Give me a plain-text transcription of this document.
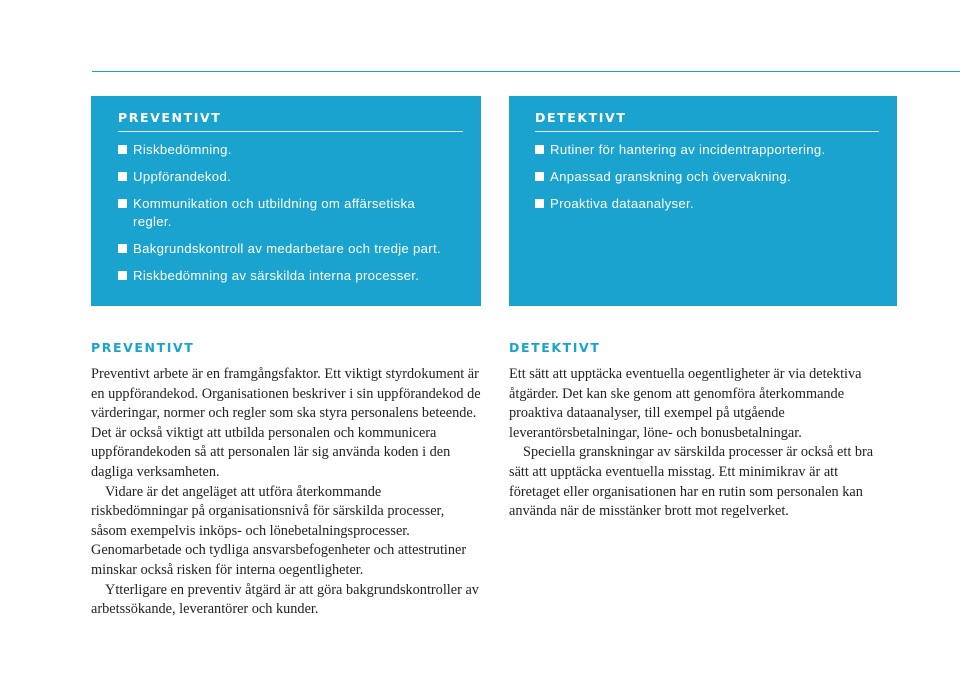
PREVENTIVT
Riskbedömning.
Uppförandekod.
Kommunikation och utbildning om affärsetiska regler.
Bakgrundskontroll av medarbetare och tredje part.
Riskbedömning av särskilda interna processer.
DETEKTIVT
Rutiner för hantering av incidentrapportering.
Anpassad granskning och övervakning.
Proaktiva dataanalyser.
PREVENTIVT

Preventivt arbete är en framgångsfaktor. Ett viktigt styrdokument är en uppförandekod. Organisationen beskriver i sin uppförandekod de värderingar, normer och regler som ska styra personalens beteende. Det är också viktigt att utbilda personalen och kommunicera uppförandekoden så att personalen lär sig använda koden i den dagliga verksamheten.

Vidare är det angeläget att utföra återkommande riskbedömningar på organisationsnivå för särskilda processer, såsom exempelvis inköps- och lönebetalningsprocesser. Genomarbetade och tydliga ansvarsbefogenheter och attestrutiner minskar också risken för interna oegentligheter.

Ytterligare en preventiv åtgärd är att göra bakgrundskontroller av arbetssökande, leverantörer och kunder.

DETEKTIVT

Ett sätt att upptäcka eventuella oegentligheter är via detektiva åtgärder. Det kan ske genom att genomföra återkommande proaktiva dataanalyser, till exempel på utgående leverantörsbetalningar, löne- och bonusbetalningar.

Speciella granskningar av särskilda processer är också ett bra sätt att upptäcka eventuella misstag. Ett minimikrav är att företaget eller organisationen har en rutin som personalen kan använda när de misstänker brott mot regelverket.
